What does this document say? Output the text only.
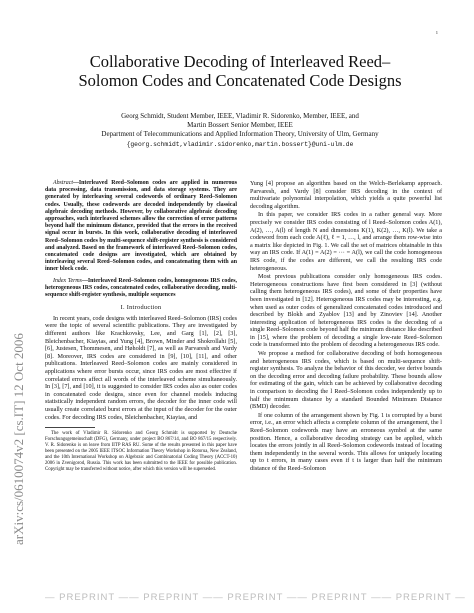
1
arXiv:cs/0610074v2 [cs.IT] 12 Oct 2006
Collaborative Decoding of Interleaved Reed–Solomon Codes and Concatenated Code Designs
Georg Schmidt, Student Member, IEEE, Vladimir R. Sidorenko, Member, IEEE, and
Martin Bossert Senior Member, IEEE
Department of Telecommunications and Applied Information Theory, University of Ulm, Germany
{georg.schmidt,vladimir.sidorenko,martin.bossert}@uni-ulm.de

Abstract—Interleaved Reed–Solomon codes are applied in numerous data processing, data transmission, and data storage systems. They are generated by interleaving several codewords of ordinary Reed–Solomon codes. Usually, these codewords are decoded independently by classical algebraic decoding methods. However, by collaborative algebraic decoding approaches, such interleaved schemes allow the correction of error patterns beyond half the minimum distance, provided that the errors in the received signal occur in bursts. In this work, collaborative decoding of interleaved Reed–Solomon codes by multi-sequence shift-register synthesis is considered and analyzed. Based on the framework of interleaved Reed–Solomon codes, concatenated code designs are investigated, which are obtained by interleaving several Reed–Solomon codes, and concatenating them with an inner block code.

Index Terms—Interleaved Reed–Solomon codes, homogeneous IRS codes, heterogeneous IRS codes, concatenated codes, collaborative decoding, multi-sequence shift-register synthesis, multiple sequences

I. Introduction

In recent years, code designs with interleaved Reed–Solomon (IRS) codes were the topic of several scientific publications. They are investigated by different authors like Krachkovsky, Lee, and Garg [1], [2], [3], Bleichenbacher, Kiayias, and Yung [4], Brown, Minder and Shokrollahi [5], [6], Justesen, Thommesen, and Høholdt [7], as well as Parvaresh and Vardy [8]. Moreover, IRS codes are considered in [9], [10], [11], and other publications. Interleaved Reed–Solomon codes are mainly considered in applications where error bursts occur, since IRS codes are most effective if correlated errors affect all words of the interleaved scheme simultaneously. In [3], [7], and [10], it is suggested to consider IRS codes also as outer codes in concatenated code designs, since even for channel models inducing statistically independent random errors, the decoder for the inner code will usually create correlated burst errors at the input of the decoder for the outer codes. For decoding IRS codes, Bleichenbacher, Kiayias, and

The work of Vladimir R. Sidorenko and Georg Schmidt is supported by Deutsche Forschungsgemeinschaft (DFG), Germany, under project BO 867/14, and BO 867/15 respectively. V. R. Sidorenko is on leave from IITP RAS RU. Some of the results presented in this paper have been presented on the 2005 IEEE ITSOC Information Theory Workshop in Rotorua, New Zealand, and the 10th International Workshop on Algebraic and Combinatorial Coding Theory (ACCT-10) 2006 in Zvenigorod, Russia. This work has been submitted to the IEEE for possible publication. Copyright may be transferred without notice, after which this version will be superseded.

Yung [4] propose an algorithm based on the Welch–Berlekamp approach. Parvaresh, and Vardy [8] consider IRS decoding in the context of multivariate polynomial interpolation, which yields a quite powerful list decoding algorithm.

In this paper, we consider IRS codes in a rather general way. More precisely we consider IRS codes consisting of l Reed–Solomon codes A(1), A(2), …, A(l) of length N and dimensions K(1), K(2), …, K(l). We take a codeword from each code A(ℓ), ℓ = 1, …, l, and arrange them row-wise into a matrix like depicted in Fig. 1. We call the set of matrices obtainable in this way an IRS code. If A(1) = A(2) = ··· = A(l), we call the code homogeneous IRS code, if the codes are different, we call the resulting IRS code heterogeneous.

Most previous publications consider only homogeneous IRS codes. Heterogeneous constructions have first been considered in [3] (without calling them heterogeneous IRS codes), and some of their properties have been investigated in [12]. Heterogeneous IRS codes may be interesting, e.g. when used as outer codes of generalized concatenated codes introduced and described by Blokh and Zyablov [13] and by Zinoviev [14]. Another interesting application of heterogeneous IRS codes is the decoding of a single Reed–Solomon code beyond half the minimum distance like described in [15], where the problem of decoding a single low-rate Reed–Solomon code is transformed into the problem of decoding a heterogeneous IRS code.

We propose a method for collaborative decoding of both homogeneous and heterogeneous IRS codes, which is based on multi-sequence shift-register synthesis. To analyze the behavior of this decoder, we derive bounds on the decoding error and decoding failure probability. These bounds allow for estimating of the gain, which can be achieved by collaborative decoding in comparison to decoding the l Reed–Solomon codes independently up to half the minimum distance by a standard Bounded Minimum Distance (BMD) decoder.

If one column of the arrangement shown by Fig. 1 is corrupted by a burst error, i.e., an error which affects a complete column of the arrangement, the l Reed–Solomon codewords may have an erroneous symbol at the same position. Hence, a collaborative decoding strategy can be applied, which locates the errors jointly in all Reed–Solomon codewords instead of locating them independently in the several words. This allows for uniquely locating up to t errors, in many cases even if t is larger than half the minimum distance of the Reed–Solomon

— PREPRINT — — PREPRINT — — PREPRINT — — PREPRINT — — PREPRINT —
